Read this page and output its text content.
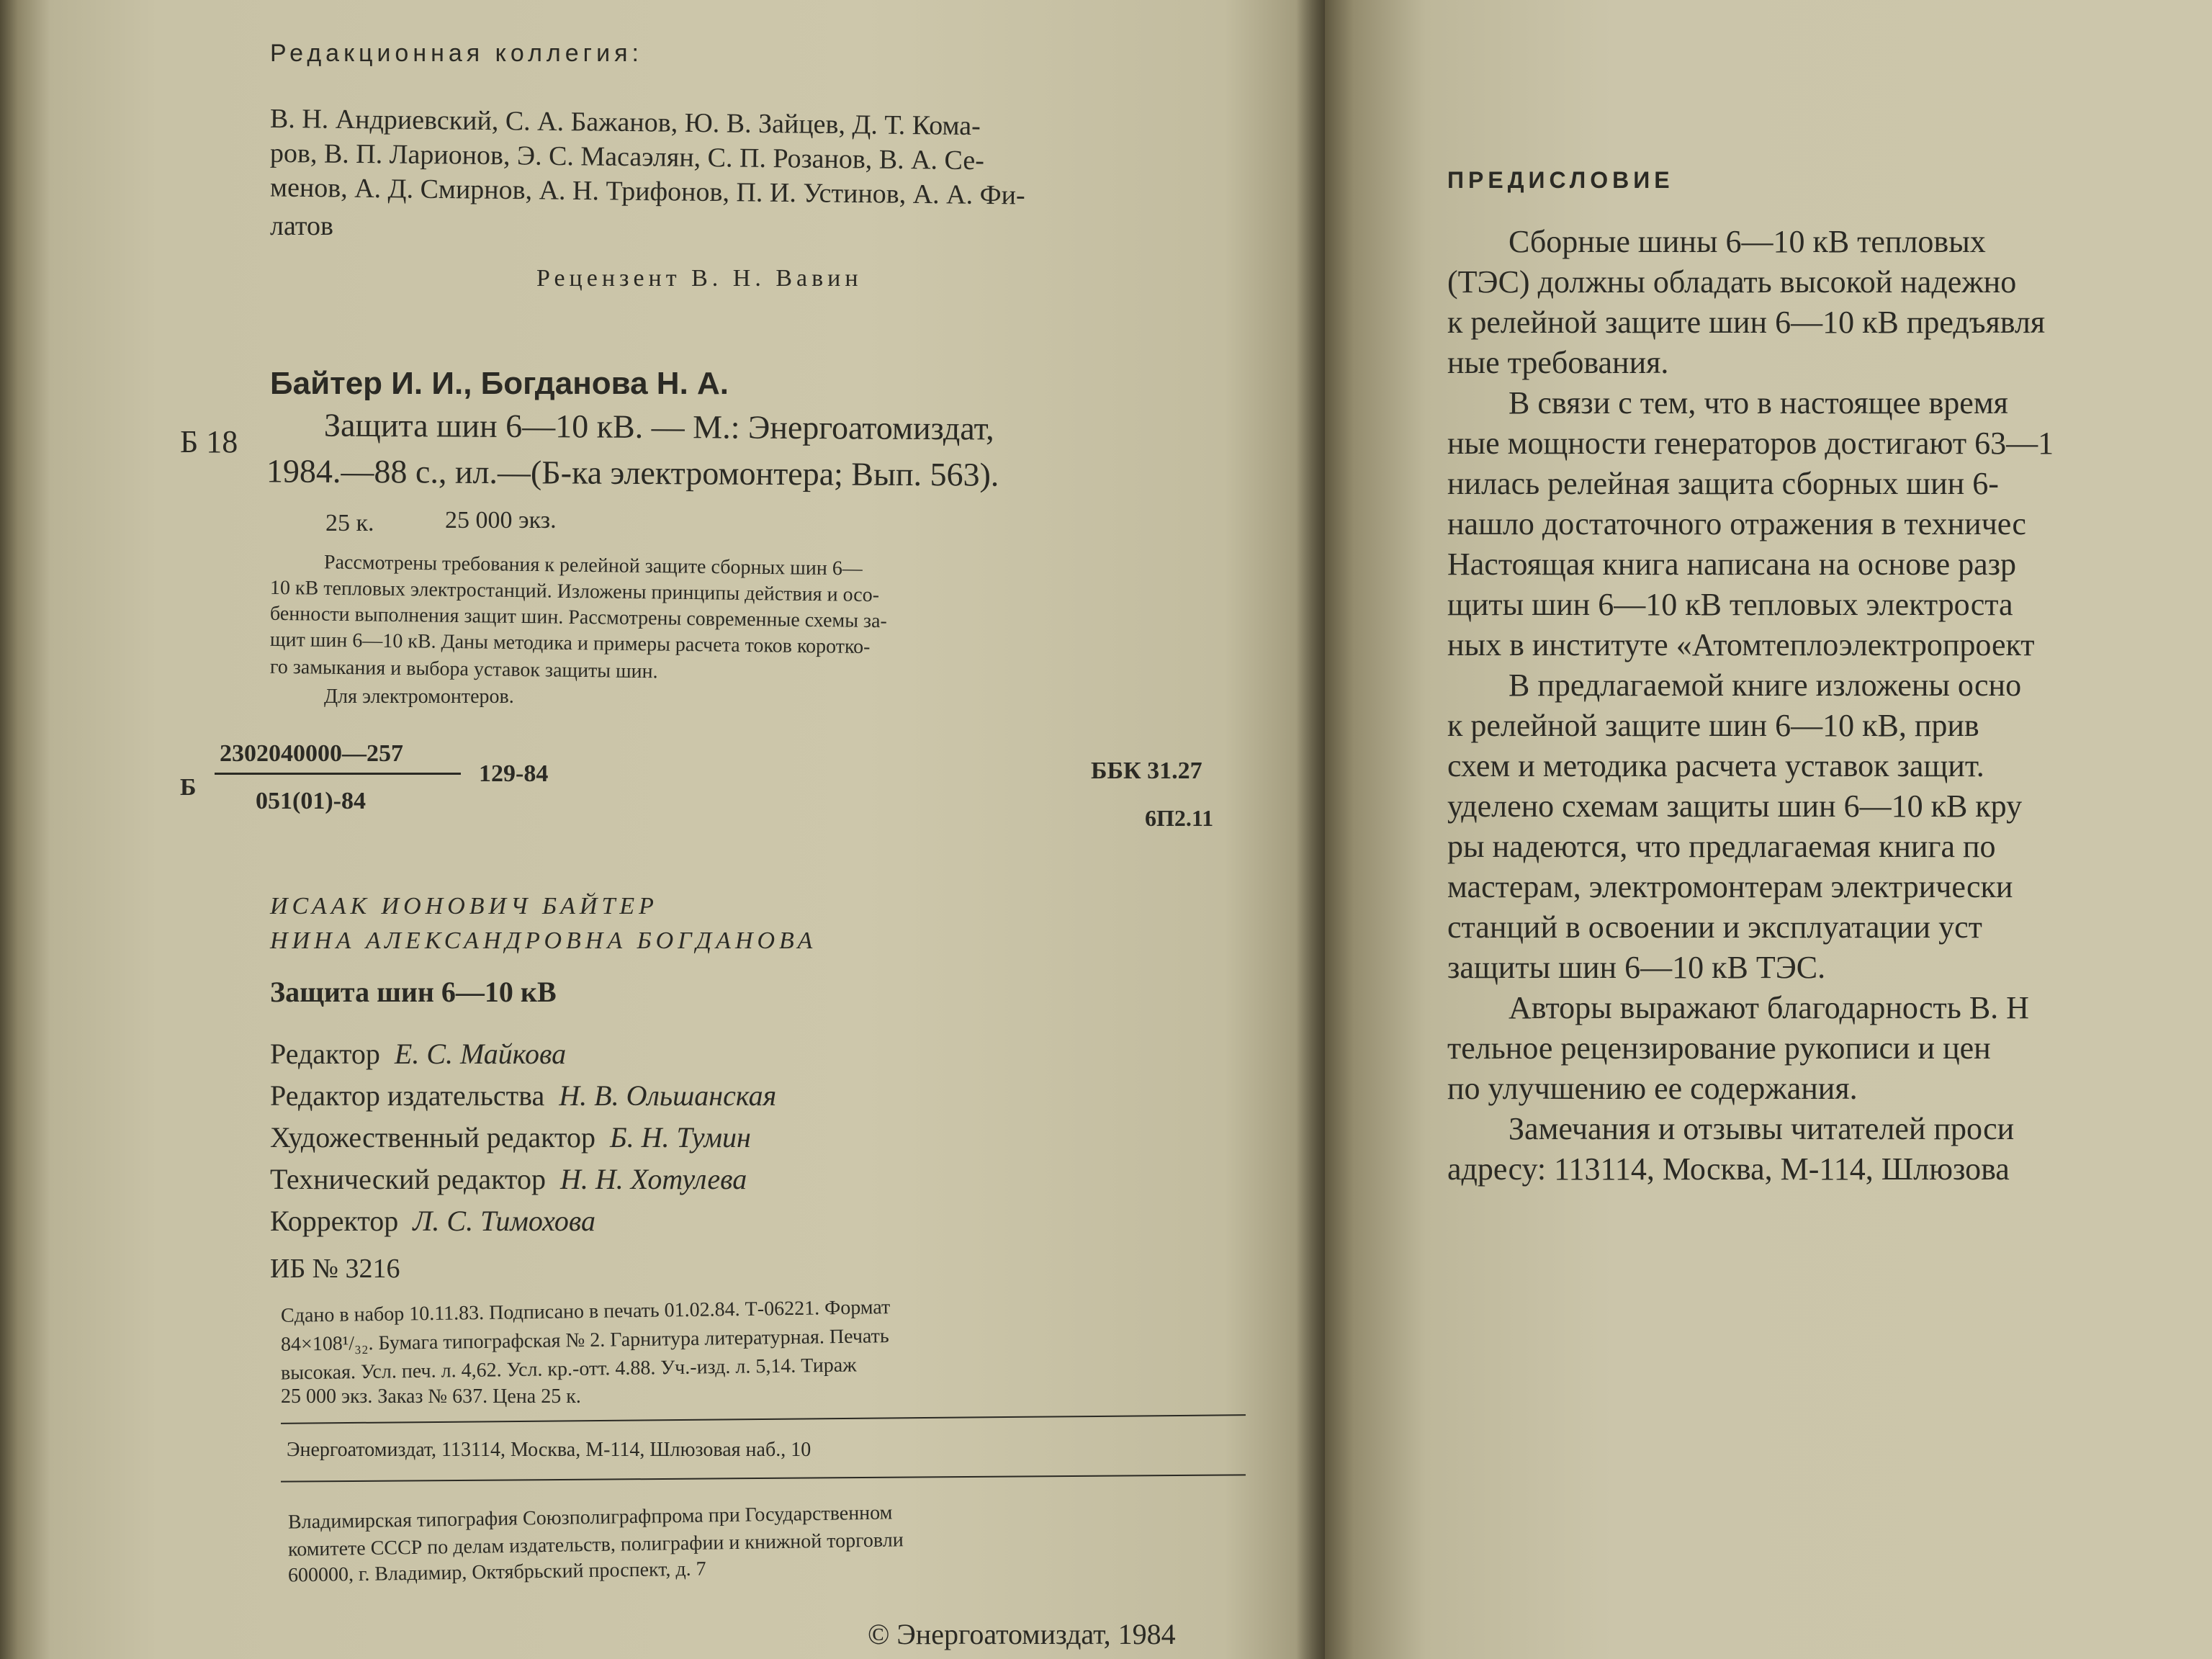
Редакционная коллегия:
В. Н. Андриевский, С. А. Бажанов, Ю. В. Зайцев, Д. Т. Кома-
ров, В. П. Ларионов, Э. С. Масаэлян, С. П. Розанов, В. А. Се-
менов, А. Д. Смирнов, А. Н. Трифонов, П. И. Устинов, А. А. Фи-
латов
Рецензент В. Н. Вавин
Байтер И. И., Богданова Н. А.
Б 18	Защита шин 6—10 кВ. — М.: Энергоатомиздат,
1984.—88 с., ил.—(Б-ка электромонтера; Вып. 563).
25 к.	25 000 экз.
Рассмотрены требования к релейной защите сборных шин 6—
10 кВ тепловых электростанций. Изложены принципы действия и осо-
бенности выполнения защит шин. Рассмотрены современные схемы за-
щит шин 6—10 кВ. Даны методика и примеры расчета токов коротко-
го замыкания и выбора уставок защиты шин.
Для электромонтеров.
ББК 31.27
6П2.11
Б
2302040000—257
051(01)-84
129-84
ИСААК ИОНОВИЧ БАЙТЕР
НИНА АЛЕКСАНДРОВНА БОГДАНОВА
Защита шин 6—10 кВ
Редактор Е. С. Майкова
Редактор издательства Н. В. Ольшанская
Художественный редактор Б. Н. Тумин
Технический редактор Н. Н. Хотулева
Корректор Л. С. Тимохова
ИБ № 3216
Сдано в набор 10.11.83. Подписано в печать 01.02.84. Т-06221. Формат
84×108¹/₃₂. Бумага типографская № 2. Гарнитура литературная. Печать
высокая. Усл. печ. л. 4,62. Усл. кр.-отт. 4.88. Уч.-изд. л. 5,14. Тираж
25 000 экз. Заказ № 637. Цена 25 к.
Энергоатомиздат, 113114, Москва, М-114, Шлюзовая наб., 10
Владимирская типография Союзполиграфпрома при Государственном
комитете СССР по делам издательств, полиграфии и книжной торговли
600000, г. Владимир, Октябрьский проспект, д. 7
© Энергоатомиздат, 1984
ПРЕДИСЛОВИЕ
Сборные шины 6—10 кВ тепловых
(ТЭС) должны обладать высокой надежно
к релейной защите шин 6—10 кВ предъявля
ные требования.
В связи с тем, что в настоящее время
ные мощности генераторов достигают 63—1
нилась релейная защита сборных шин 6-
нашло достаточного отражения в техничес
Настоящая книга написана на основе разр
щиты шин 6—10 кВ тепловых электроста
ных в институте «Атомтеплоэлектропроект
В предлагаемой книге изложены осно
к релейной защите шин 6—10 кВ, прив
схем и методика расчета уставок защит.
уделено схемам защиты шин 6—10 кВ кру
ры надеются, что предлагаемая книга по
мастерам, электромонтерам электрически
станций в освоении и эксплуатации уст
защиты шин 6—10 кВ ТЭС.
Авторы выражают благодарность В. Н
тельное рецензирование рукописи и цен
по улучшению ее содержания.
Замечания и отзывы читателей проси
адресу: 113114, Москва, М-114, Шлюзова
